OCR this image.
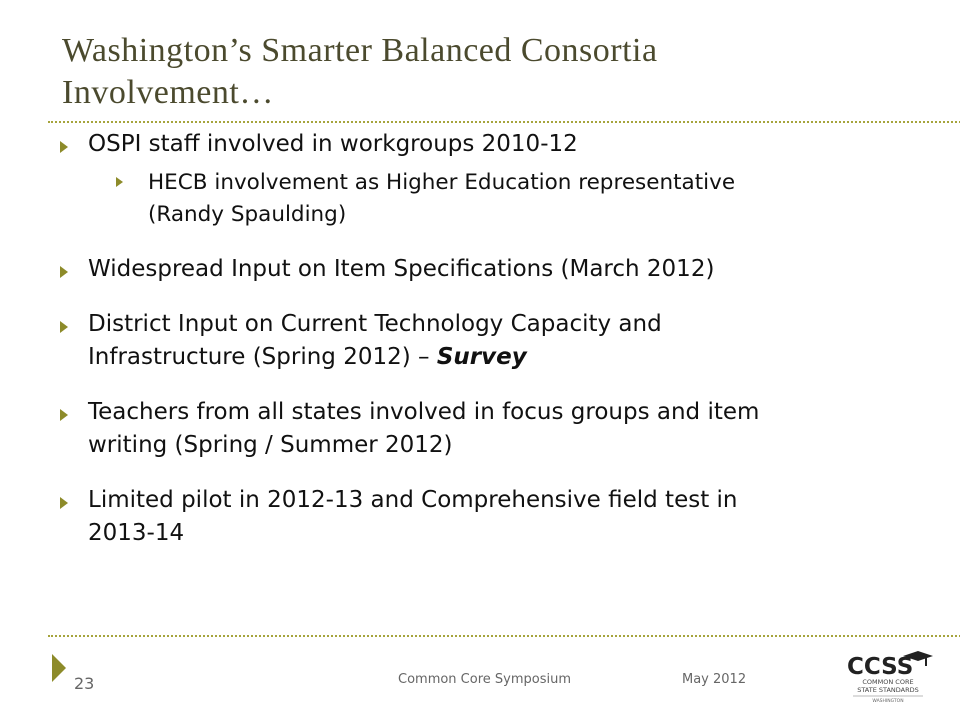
Washington’s Smarter Balanced Consortia
Involvement…
OSPI staff involved in workgroups 2010-12
HECB involvement as Higher Education representative
(Randy Spaulding)
Widespread Input on Item Specifications (March 2012)
District Input on Current Technology Capacity and
Infrastructure (Spring 2012) – Survey
Teachers from all states involved in focus groups and item
writing (Spring / Summer 2012)
Limited pilot in 2012-13 and Comprehensive field test in
2013-14
23	Common Core Symposium	May 2012	CCSS
COMMON CORE
STATE STANDARDS
WASHINGTON
